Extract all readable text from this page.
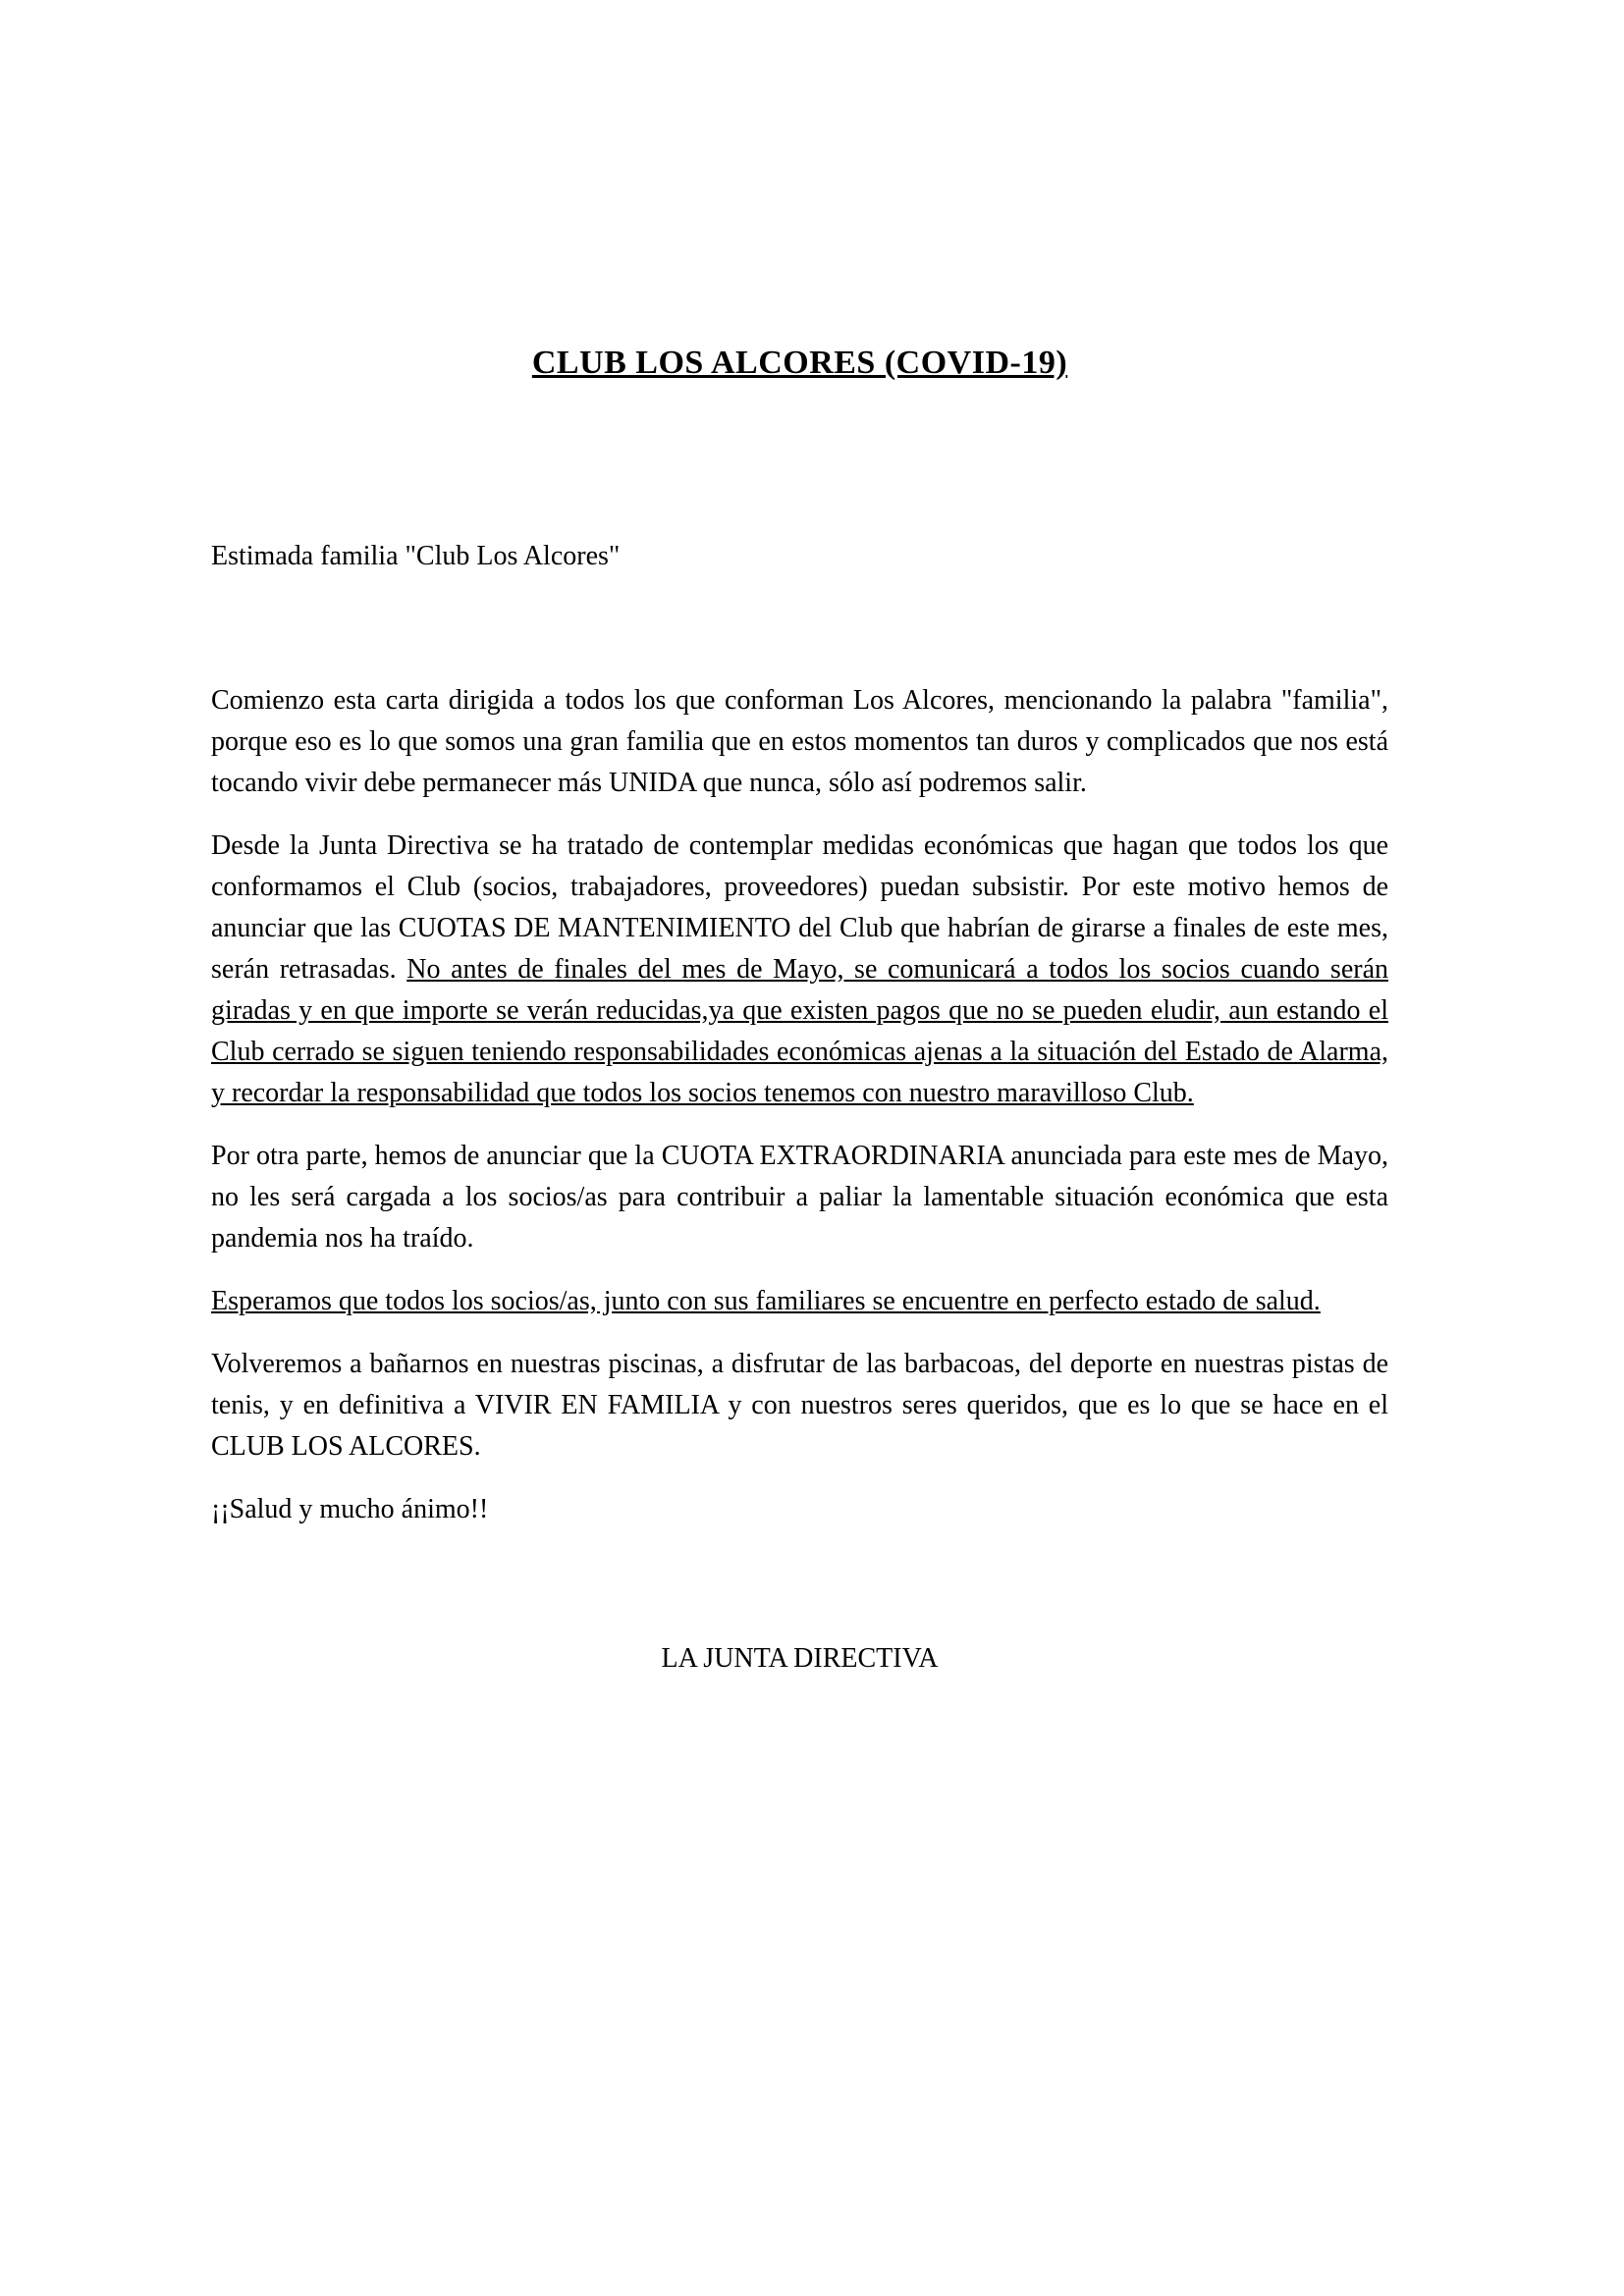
CLUB LOS ALCORES (COVID-19)

Estimada familia "Club Los Alcores"

Comienzo esta carta dirigida a todos los que conforman Los Alcores, mencionando la palabra "familia", porque eso es lo que somos una gran familia que en estos momentos tan duros y complicados que nos está tocando vivir debe permanecer más UNIDA que nunca, sólo así podremos salir.

Desde la Junta Directiva se ha tratado de contemplar medidas económicas que hagan que todos los que conformamos el Club (socios, trabajadores, proveedores) puedan subsistir. Por este motivo hemos de anunciar que las CUOTAS DE MANTENIMIENTO del Club que habrían de girarse a finales de este mes, serán retrasadas. No antes de finales del mes de Mayo, se comunicará a todos los socios cuando serán giradas y en que importe se verán reducidas,ya que existen pagos que no se pueden eludir, aun estando el Club cerrado se siguen teniendo responsabilidades económicas ajenas a la situación del Estado de Alarma, y recordar la responsabilidad que todos los socios tenemos con nuestro maravilloso Club.

Por otra parte, hemos de anunciar que la CUOTA EXTRAORDINARIA anunciada para este mes de Mayo, no les será cargada a los socios/as para contribuir a paliar la lamentable situación económica que esta pandemia nos ha traído.

Esperamos que todos los socios/as, junto con sus familiares se encuentre en perfecto estado de salud.

Volveremos a bañarnos en nuestras piscinas, a disfrutar de las barbacoas, del deporte en nuestras pistas de tenis, y en definitiva a VIVIR EN FAMILIA y con nuestros seres queridos, que es lo que se hace en el CLUB LOS ALCORES.

¡¡Salud y mucho ánimo!!

LA JUNTA DIRECTIVA
